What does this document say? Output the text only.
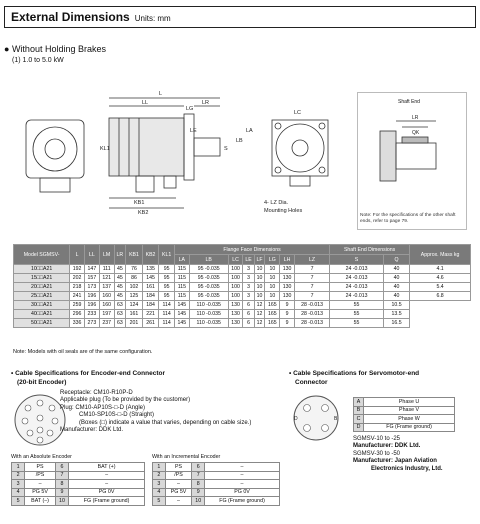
External Dimensions Units: mm
● Without Holding Brakes
(1) 1.0 to 5.0 kW
L
LL	LR
LG
LE
KL1
KB2
KB1
LC
LB
LA
S
4- LZ Dia.
Mounting Holes
Shaft End
LR
QK
Note: For the specifications of the other shaft ends, refer to page 79.
Model SGMSV-	L	LL	LM	LR	KB1	KB2	KL1	Flange Face Dimensions								Shaft End Dimensions		Approx. Mass kg
								LA	LB	LC	LE	LF	LG	LH	LZ	S	Q	
10□□A21	192	147	111	45	76	135	95	115	95 -0.035	100	3	10	10	130	7	24 -0.013	40	4.1
15□□A21	202	157	121	45	86	145	95	115	95 -0.035	100	3	10	10	130	7	24 -0.013	40	4.6
20□□A21	218	173	137	45	102	161	95	115	95 -0.035	100	3	10	10	130	7	24 -0.013	40	5.4
25□□A21	241	196	160	45	125	184	95	115	95 -0.035	100	3	10	10	130	7	24 -0.013	40	6.8
30□□A21	259	196	160	63	124	184	114	145	110 -0.035	130	6	12	165	9	28 -0.013	55	10.5	
40□□A21	296	233	197	63	161	221	114	145	110 -0.035	130	6	12	165	9	28 -0.013	55	13.5	
50□□A21	336	273	237	63	201	261	114	145	110 -0.035	130	6	12	165	9	28 -0.013	55	16.5	
Note: Models with oil seals are of the same configuration.
• Cable Specifications for Encoder-end Connector
(20-bit Encoder)
Receptacle: CM10-R10P-D
Applicable plug (To be provided by the customer)
Plug: CM10-AP10S-□-D (Angle)
CM10-SP10S-□-D (Straight)
(Boxes (□) indicate a value that varies, depending on cable size.)
Manufacturer: DDK Ltd.
With an Absolute Encoder
1	PS	6	BAT (+)
2	/PS	7	–
3	–	8	–
4	PG 5V	9	PG 0V
5	BAT (–)	10	FG (Frame ground)
With an Incremental Encoder
1	PS	6	–
2	/PS	7	–
3	–	8	–
4	PG 5V	9	PG 0V
5	–	10	FG (Frame ground)
• Cable Specifications for Servomotor-end
Connector
D	B
A	Phase U
B	Phase V
C	Phase W
D	FG (Frame ground)
SGMSV-10 to -25
Manufacturer: DDK Ltd.
SGMSV-30 to -50
Manufacturer: Japan Aviation
Electronics Industry, Ltd.
